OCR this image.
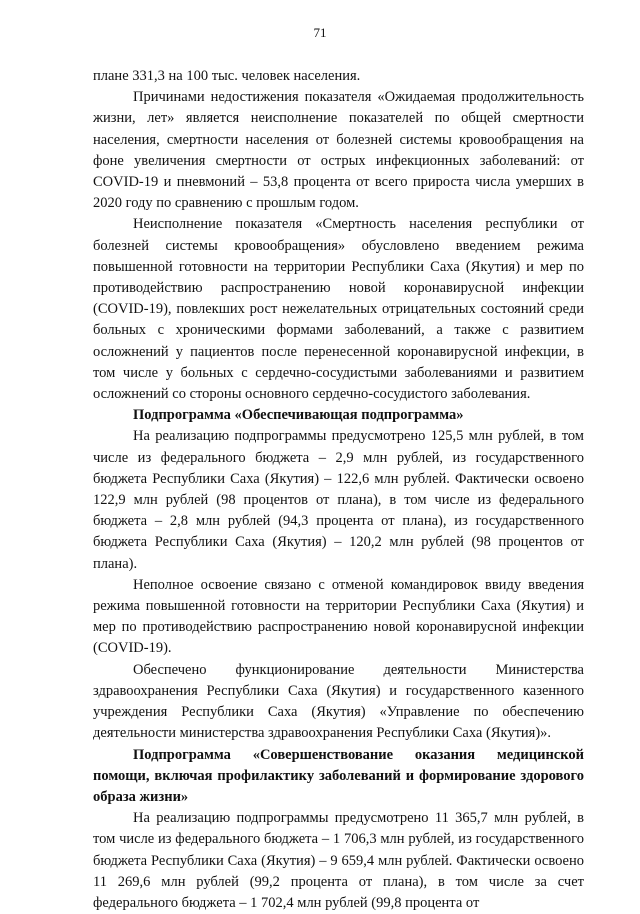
71

плане 331,3 на 100 тыс. человек населения.

Причинами недостижения показателя «Ожидаемая продолжительность жизни, лет» является неисполнение показателей по общей смертности населения, смертности населения от болезней системы кровообращения на фоне увеличения смертности от острых инфекционных заболеваний: от COVID-19 и пневмоний – 53,8 процента от всего прироста числа умерших в 2020 году по сравнению с прошлым годом.

Неисполнение показателя «Смертность населения республики от болезней системы кровообращения» обусловлено введением режима повышенной готовности на территории Республики Саха (Якутия) и мер по противодействию распространению новой коронавирусной инфекции (COVID-19), повлекших рост нежелательных отрицательных состояний среди больных с хроническими формами заболеваний, а также с развитием осложнений у пациентов после перенесенной коронавирусной инфекции, в том числе у больных с сердечно-сосудистыми заболеваниями и развитием осложнений со стороны основного сердечно-сосудистого заболевания.

Подпрограмма «Обеспечивающая подпрограмма»

На реализацию подпрограммы предусмотрено 125,5 млн рублей, в том числе из федерального бюджета – 2,9 млн рублей, из государственного бюджета Республики Саха (Якутия) – 122,6 млн рублей. Фактически освоено 122,9 млн рублей (98 процентов от плана), в том числе из федерального бюджета – 2,8 млн рублей (94,3 процента от плана), из государственного бюджета Республики Саха (Якутия) – 120,2 млн рублей (98 процентов от плана).

Неполное освоение связано с отменой командировок ввиду введения режима повышенной готовности на территории Республики Саха (Якутия) и мер по противодействию распространению новой коронавирусной инфекции (COVID-19).

Обеспечено функционирование деятельности Министерства здравоохранения Республики Саха (Якутия) и государственного казенного учреждения Республики Саха (Якутия) «Управление по обеспечению деятельности министерства здравоохранения Республики Саха (Якутия)».

Подпрограмма «Совершенствование оказания медицинской помощи, включая профилактику заболеваний и формирование здорового образа жизни»

На реализацию подпрограммы предусмотрено 11 365,7 млн рублей, в том числе из федерального бюджета – 1 706,3 млн рублей, из государственного бюджета Республики Саха (Якутия) – 9 659,4 млн рублей. Фактически освоено 11 269,6 млн рублей (99,2 процента от плана), в том числе за счет федерального бюджета – 1 702,4 млн рублей (99,8 процента от
